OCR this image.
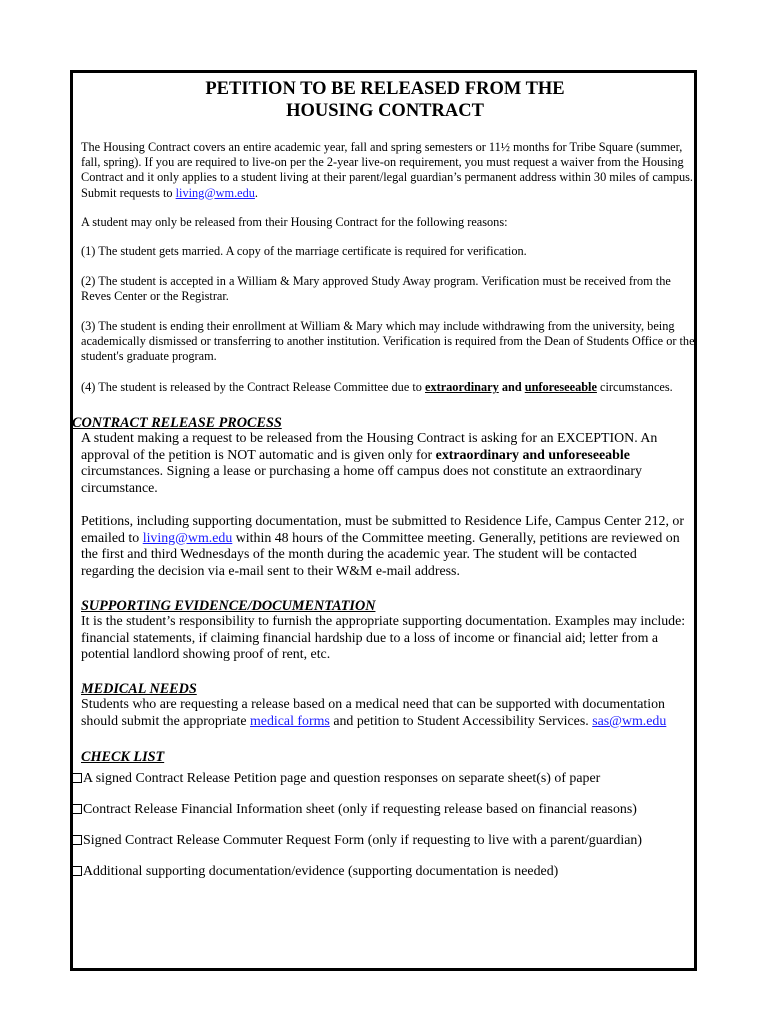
PETITION TO BE RELEASED FROM THE
HOUSING CONTRACT
The Housing Contract covers an entire academic year, fall and spring semesters or 11½ months for Tribe Square (summer, fall, spring). If you are required to live-on per the 2-year live-on requirement, you must request a waiver from the Housing Contract and it only applies to a student living at their parent/legal guardian’s permanent address within 30 miles of campus. Submit requests to living@wm.edu.
A student may only be released from their Housing Contract for the following reasons:
(1) The student gets married. A copy of the marriage certificate is required for verification.
(2) The student is accepted in a William & Mary approved Study Away program. Verification must be received from the Reves Center or the Registrar.
(3) The student is ending their enrollment at William & Mary which may include withdrawing from the university, being academically dismissed or transferring to another institution. Verification is required from the Dean of Students Office or the student's graduate program.
(4) The student is released by the Contract Release Committee due to extraordinary and unforeseeable circumstances.
CONTRACT RELEASE PROCESS
A student making a request to be released from the Housing Contract is asking for an EXCEPTION. An approval of the petition is NOT automatic and is given only for extraordinary and unforeseeable circumstances. Signing a lease or purchasing a home off campus does not constitute an extraordinary circumstance.
Petitions, including supporting documentation, must be submitted to Residence Life, Campus Center 212, or emailed to living@wm.edu within 48 hours of the Committee meeting. Generally, petitions are reviewed on the first and third Wednesdays of the month during the academic year. The student will be contacted regarding the decision via e-mail sent to their W&M e-mail address.
SUPPORTING EVIDENCE/DOCUMENTATION
It is the student’s responsibility to furnish the appropriate supporting documentation. Examples may include: financial statements, if claiming financial hardship due to a loss of income or financial aid; letter from a potential landlord showing proof of rent, etc.
MEDICAL NEEDS
Students who are requesting a release based on a medical need that can be supported with documentation should submit the appropriate medical forms and petition to Student Accessibility Services. sas@wm.edu
CHECK LIST
A signed Contract Release Petition page and question responses on separate sheet(s) of paper
Contract Release Financial Information sheet (only if requesting release based on financial reasons)
Signed Contract Release Commuter Request Form (only if requesting to live with a parent/guardian)
Additional supporting documentation/evidence (supporting documentation is needed)
